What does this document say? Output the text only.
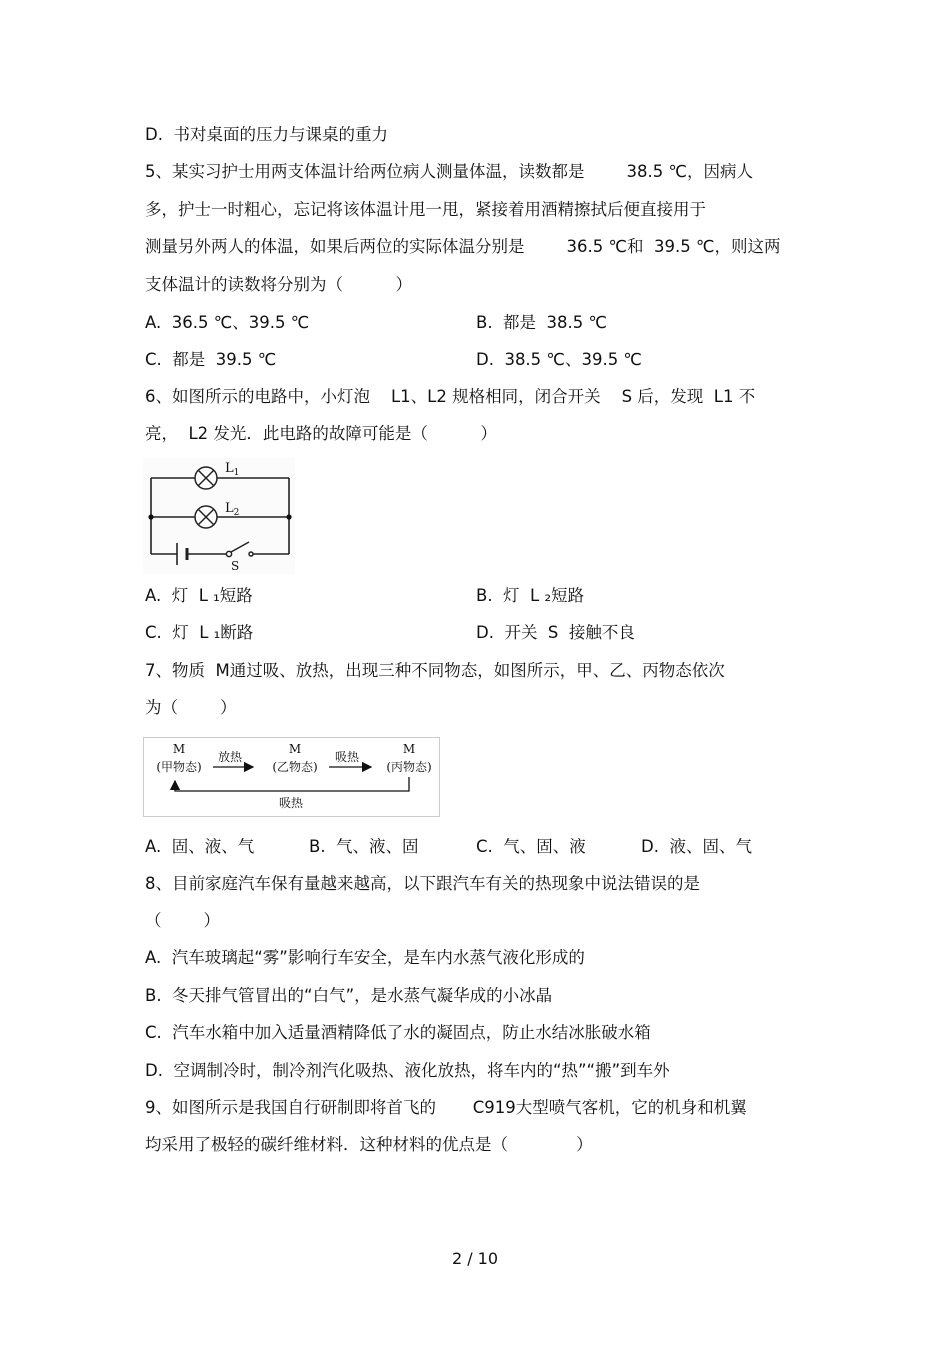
D.  书对桌面的压力与课桌的重力
5、某实习护士用两支体温计给两位病人测量体温，读数都是        38.5 ℃，因病人
多，护士一时粗心，忘记将该体温计甩一甩，紧接着用酒精擦拭后便直接用于
测量另外两人的体温，如果后两位的实际体温分别是        36.5 ℃和  39.5 ℃，则这两
支体温计的读数将分别为（          ）
A.  36.5 ℃、39.5 ℃	B.  都是  38.5 ℃
C.  都是  39.5 ℃	D.  38.5 ℃、39.5 ℃
6、如图所示的电路中，小灯泡    L1、L2 规格相同，闭合开关    S 后，发现  L1 不
亮，  L2 发光．此电路的故障可能是（          ）
$L_1$
$L_2$
S
A.  灯  L ₁短路	B.  灯  L ₂短路
C.  灯  L ₁断路	D.  开关  S  接触不良
7、物质  M通过吸、放热，出现三种不同物态，如图所示，甲、乙、丙物态依次
为（        ）
M
(甲物态)
M
(乙物态)
M
(丙物态)
放热	吸热
吸热
A.  固、液、气	B.  气、液、固	C.  气、固、液	D.  液、固、气
8、目前家庭汽车保有量越来越高，以下跟汽车有关的热现象中说法错误的是
（        ）
A.  汽车玻璃起“雾”影响行车安全，是车内水蒸气液化形成的
B.  冬天排气管冒出的“白气”，是水蒸气凝华成的小冰晶
C.  汽车水箱中加入适量酒精降低了水的凝固点，防止水结冰胀破水箱
D.  空调制冷时，制冷剂汽化吸热、液化放热，将车内的“热”“搬”到车外
9、如图所示是我国自行研制即将首飞的       C919大型喷气客机，它的机身和机翼
均采用了极轻的碳纤维材料．这种材料的优点是（             ）
2 / 10
